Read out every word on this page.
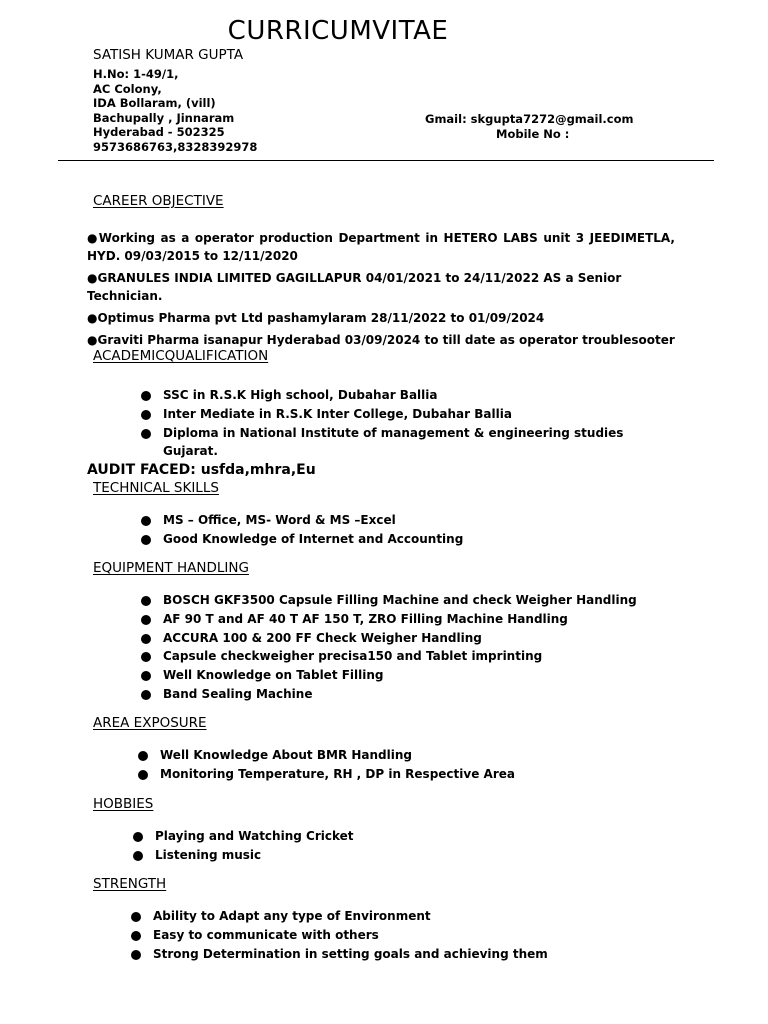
CURRICUMVITAE
SATISH KUMAR GUPTA
H.No: 1-49/1,
AC Colony,
IDA Bollaram, (vill)
Bachupally , Jinnaram
Hyderabad - 502325
9573686763,8328392978
Gmail: skgupta7272@gmail.com
Mobile No :
CAREER OBJECTIVE
●Working as a operator production Department in HETERO LABS unit 3 JEEDIMETLA, HYD. 09/03/2015 to 12/11/2020
●GRANULES INDIA LIMITED GAGILLAPUR 04/01/2021 to 24/11/2022 AS a Senior Technician.
●Optimus Pharma pvt Ltd pashamylaram 28/11/2022 to 01/09/2024
●Graviti Pharma isanapur Hyderabad 03/09/2024 to till date as operator troublesooter
ACADEMICQUALIFICATION
SSC in R.S.K High school, Dubahar Ballia
Inter Mediate in R.S.K Inter College, Dubahar Ballia
Diploma in National Institute of management & engineering studies
Gujarat.
AUDIT FACED: usfda,mhra,Eu
TECHNICAL SKILLS
MS – Office, MS- Word & MS –Excel
Good Knowledge of Internet and Accounting
EQUIPMENT HANDLING
BOSCH GKF3500 Capsule Filling Machine and check Weigher Handling
AF 90 T and AF 40 T AF 150 T, ZRO Filling Machine Handling
ACCURA 100 & 200 FF Check Weigher Handling
Capsule checkweigher precisa150 and Tablet imprinting
Well Knowledge on Tablet Filling
Band Sealing Machine
AREA EXPOSURE
Well Knowledge About BMR Handling
Monitoring Temperature, RH , DP in Respective Area
HOBBIES
Playing and Watching Cricket
Listening music
STRENGTH
Ability to Adapt any type of Environment
Easy to communicate with others
Strong Determination in setting goals and achieving them
